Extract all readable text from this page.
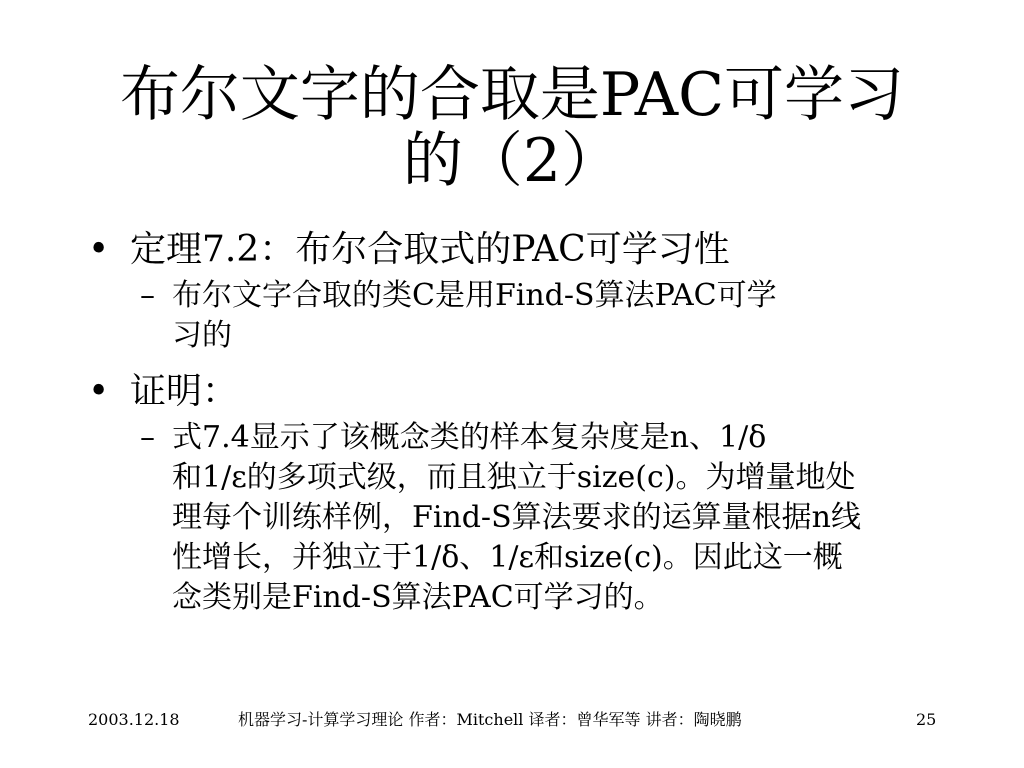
布尔文字的合取是PAC可学习
的（2）
• 定理7.2：布尔合取式的PAC可学习性
– 布尔文字合取的类C是用Find-S算法PAC可学
习的
• 证明：
– 式7.4显示了该概念类的样本复杂度是n、1/δ
和1/ε的多项式级，而且独立于size(c)。为增量地处
理每个训练样例，Find-S算法要求的运算量根据n线
性增长，并独立于1/δ、1/ε和size(c)。因此这一概
念类别是Find-S算法PAC可学习的。
2003.12.18	机器学习-计算学习理论 作者：Mitchell 译者：曾华军等 讲者：陶晓鹏	25
